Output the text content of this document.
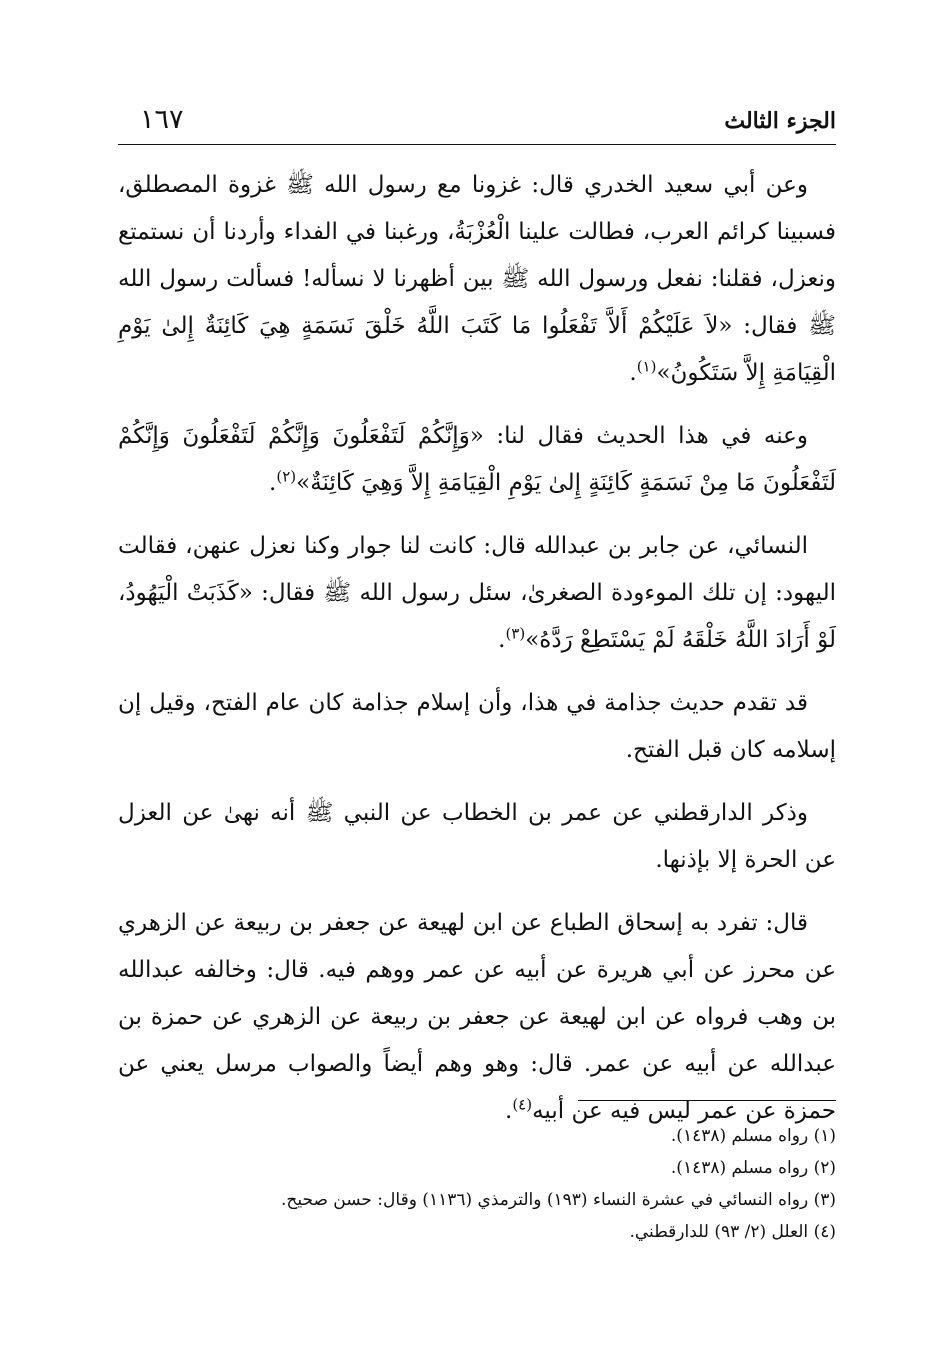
الجزء الثالث
١٦٧

وعن أبي سعيد الخدري قال: غزونا مع رسول الله ﷺ غزوة المصطلق، فسبينا كرائم العرب، فطالت علينا الْعُزْبَةُ، ورغبنا في الفداء وأردنا أن نستمتع ونعزل، فقلنا: نفعل ورسول الله ﷺ بين أظهرنا لا نسأله! فسألت رسول الله ﷺ فقال: «لاَ عَلَيْكُمْ أَلاَّ تَفْعَلُوا مَا كَتَبَ اللَّهُ خَلْقَ نَسَمَةٍ هِيَ كَائِنَةٌ إِلىٰ يَوْمِ الْقِيَامَةِ إِلاَّ سَتَكُونُ»$^{(١)}$.

وعنه في هذا الحديث فقال لنا: «وَإِنَّكُمْ لَتَفْعَلُونَ وَإِنَّكُمْ لَتَفْعَلُونَ وَإِنَّكُمْ لَتَفْعَلُونَ مَا مِنْ نَسَمَةٍ كَائِنَةٍ إِلىٰ يَوْمِ الْقِيَامَةِ إِلاَّ وَهِيَ كَائِنَةٌ»$^{(٢)}$.

النسائي، عن جابر بن عبدالله قال: كانت لنا جوار وكنا نعزل عنهن، فقالت اليهود: إن تلك الموءودة الصغرىٰ، سئل رسول الله ﷺ فقال: «كَذَبَتْ الْيَهُودُ، لَوْ أَرَادَ اللَّهُ خَلْقَهُ لَمْ يَسْتَطِعْ رَدَّهُ»$^{(٣)}$.

قد تقدم حديث جذامة في هذا، وأن إسلام جذامة كان عام الفتح، وقيل إن إسلامه كان قبل الفتح.

وذكر الدارقطني عن عمر بن الخطاب عن النبي ﷺ أنه نهىٰ عن العزل عن الحرة إلا بإذنها.

قال: تفرد به إسحاق الطباع عن ابن لهيعة عن جعفر بن ربيعة عن الزهري عن محرز عن أبي هريرة عن أبيه عن عمر ووهم فيه. قال: وخالفه عبدالله بن وهب فرواه عن ابن لهيعة عن جعفر بن ربيعة عن الزهري عن حمزة بن عبدالله عن أبيه عن عمر. قال: وهو وهم أيضاً والصواب مرسل يعني عن حمزة عن عمر ليس فيه عن أبيه$^{(٤)}$.

(١) رواه مسلم (١٤٣٨).

(٢) رواه مسلم (١٤٣٨).

(٣) رواه النسائي في عشرة النساء (١٩٣) والترمذي (١١٣٦) وقال: حسن صحيح.

(٤) العلل (٢/ ٩٣) للدارقطني.
